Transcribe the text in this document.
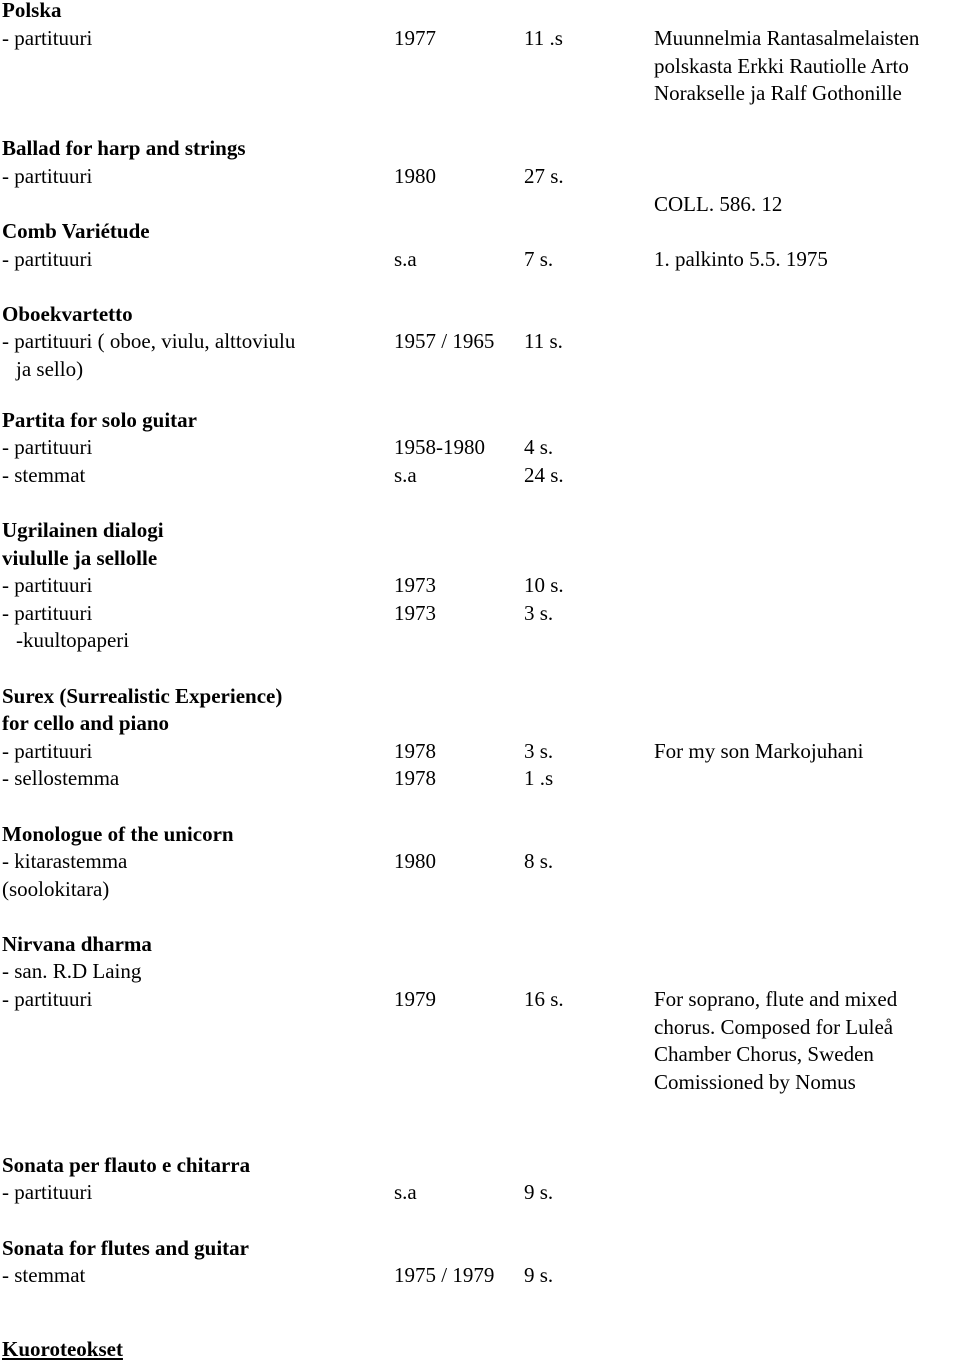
Polska
- partituuri	1977	11 .s	Muunnelmia Rantasalmelaisten
polskasta Erkki Rautiolle Arto
Norakselle ja Ralf Gothonille
Ballad for harp and strings
- partituuri	1980	27 s.
COLL. 586. 12
Comb Variétude
- partituuri	s.a	7 s.	1. palkinto 5.5. 1975
Oboekvartetto
- partituuri ( oboe, viulu, alttoviulu	1957 / 1965 11 s.
ja sello)
Partita for solo guitar
- partituuri	1958-1980 4 s.
- stemmat	s.a	24 s.
Ugrilainen dialogi
viululle ja sellolle
- partituuri	1973	10 s.
- partituuri	1973	3 s.
-kuultopaperi
Surex (Surrealistic Experience)
for cello and piano
- partituuri	1978	3 s.	For my son Markojuhani
- sellostemma	1978	1 .s
Monologue of the unicorn
- kitarastemma	1980	8 s.
(soolokitara)
Nirvana dharma
- san. R.D Laing
- partituuri	1979	16 s.	For soprano, flute and mixed
chorus. Composed for Luleå
Chamber Chorus, Sweden
Comissioned by Nomus
Sonata per flauto e chitarra
- partituuri	s.a	9 s.
Sonata for flutes and guitar
- stemmat	1975 / 1979 9 s.
Kuoroteokset
